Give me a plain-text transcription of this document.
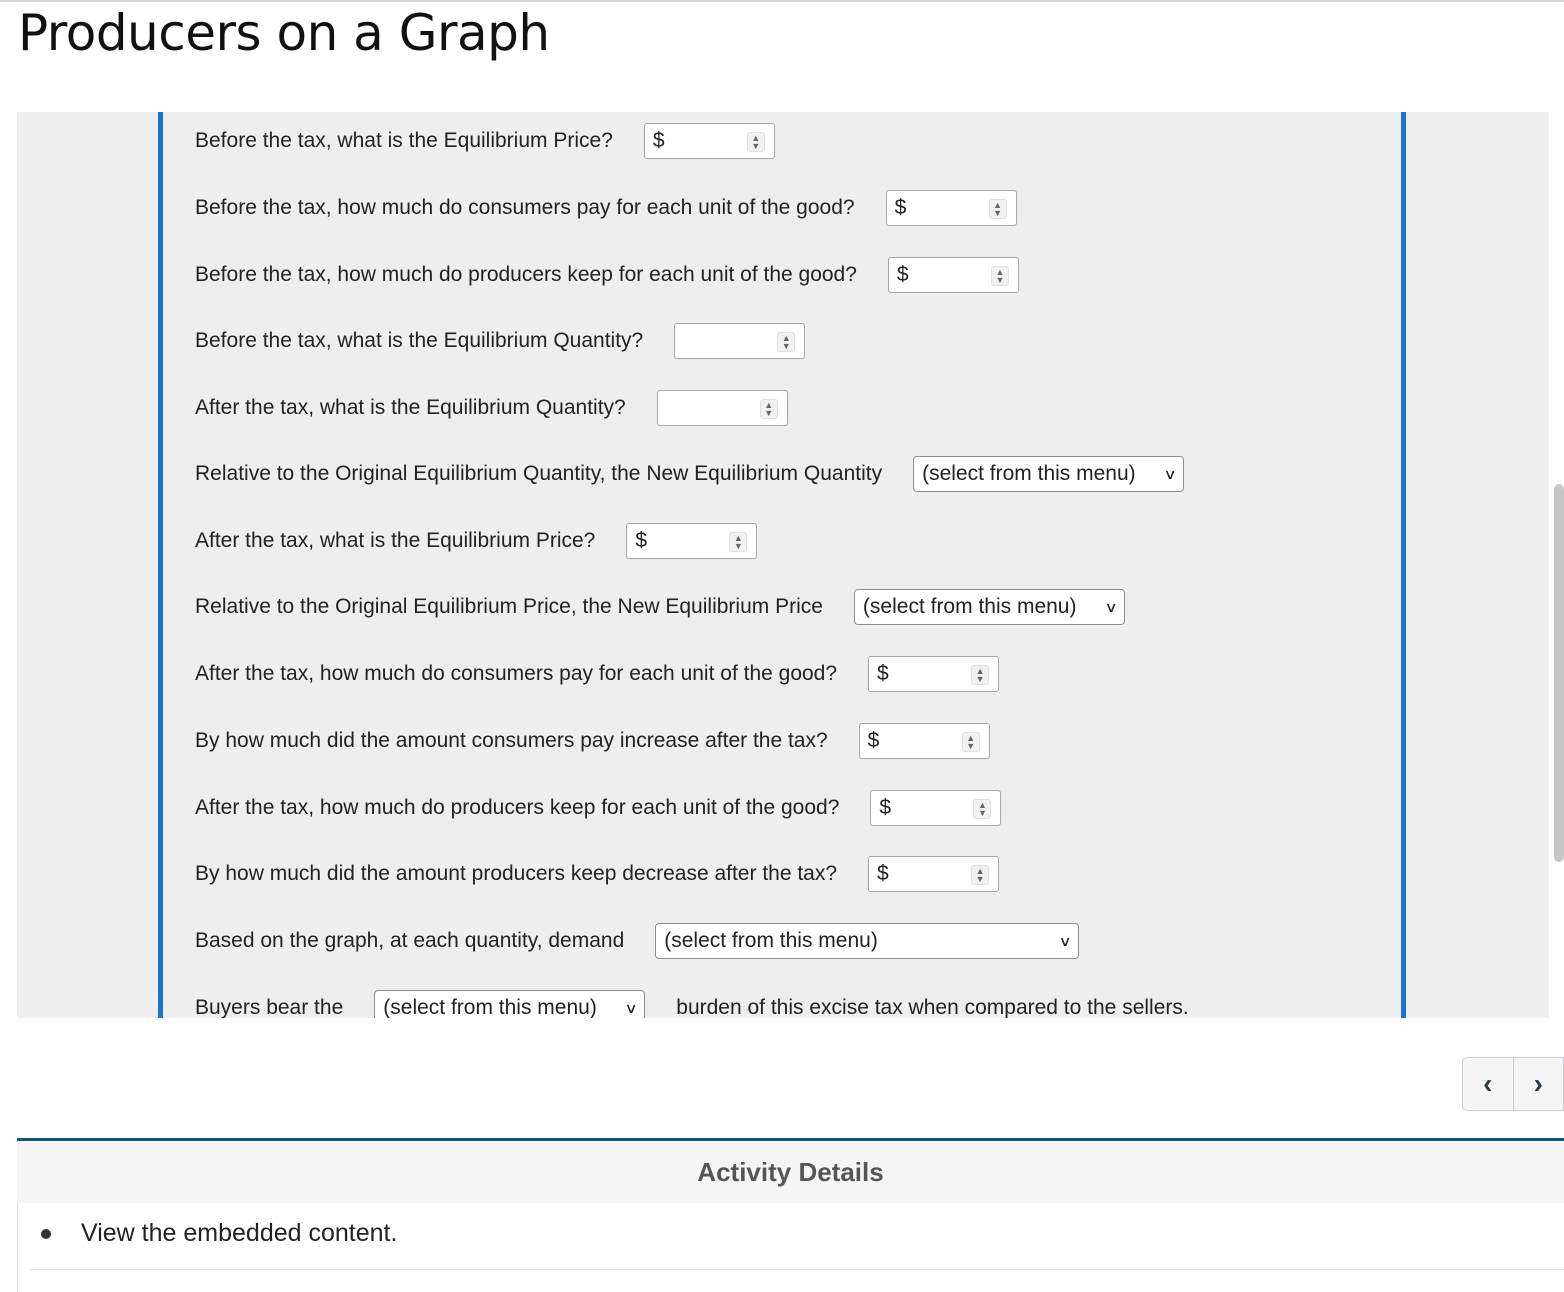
Producers on a Graph
Before the tax, what is the Equilibrium Price? $	▲
▼
Before the tax, how much do consumers pay for each unit of the good? $	▲
▼
Before the tax, how much do producers keep for each unit of the good? $	▲
▼
Before the tax, what is the Equilibrium Quantity?	▲
▼
After the tax, what is the Equilibrium Quantity?	▲
▼
Relative to the Original Equilibrium Quantity, the New Equilibrium Quantity (select from this menu) ∨
After the tax, what is the Equilibrium Price? $	▲
▼
Relative to the Original Equilibrium Price, the New Equilibrium Price (select from this menu) ∨
After the tax, how much do consumers pay for each unit of the good? $	▲
▼
By how much did the amount consumers pay increase after the tax? $	▲
▼
After the tax, how much do producers keep for each unit of the good? $	▲
▼
By how much did the amount producers keep decrease after the tax? $	▲
▼
Based on the graph, at each quantity, demand (select from this menu)	∨
Buyers bear the (select from this menu) ∨ burden of this excise tax when compared to the sellers.
‹ ›
Activity Details
View the embedded content.
